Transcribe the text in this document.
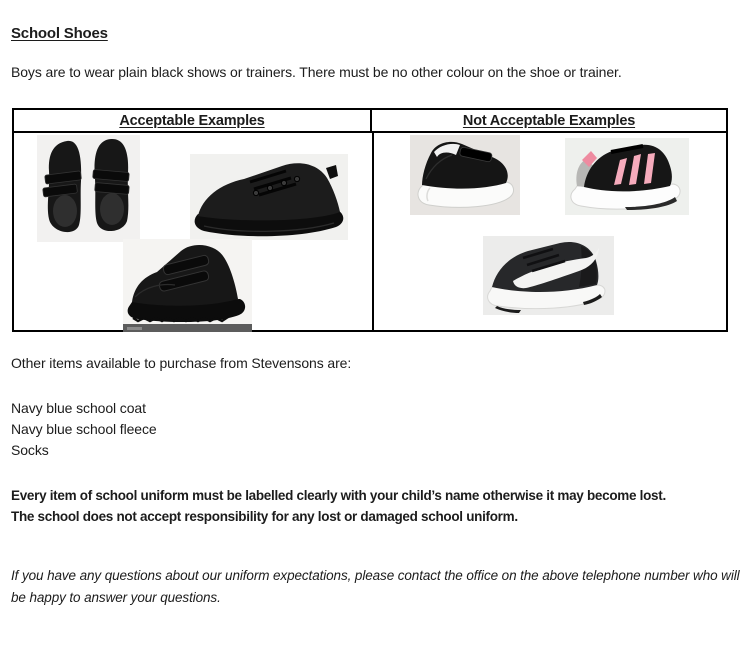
School Shoes

Boys are to wear plain black shows or trainers. There must be no other colour on the shoe or trainer.

Acceptable Examples	Not Acceptable Examples

Other items available to purchase from Stevensons are:

Navy blue school coat
Navy blue school fleece
Socks
Every item of school uniform must be labelled clearly with your child’s name otherwise it may become lost.
The school does not accept responsibility for any lost or damaged school uniform.

If you have any questions about our uniform expectations, please contact the office on the above telephone number who will be happy to answer your questions.
